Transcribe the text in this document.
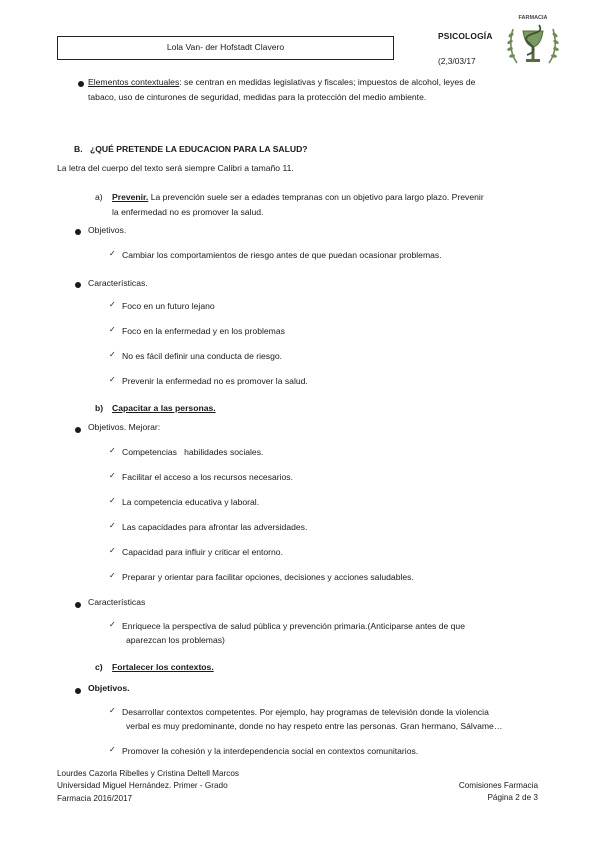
Lola Van- der Hofstadt Clavero
PSICOLOGÍA
(2,3/03/17
FARMACIA
Elementos contextuales: se centran en medidas legislativas y fiscales; impuestos de alcohol, leyes de
tabaco, uso de cinturones de seguridad, medidas para la protección del medio ambiente.
B. ¿QUÉ PRETENDE LA EDUCACION PARA LA SALUD?
La letra del cuerpo del texto será siempre Calibri a tamaño 11.
a) Prevenir. La prevención suele ser a edades tempranas con un objetivo para largo plazo. Prevenir
la enfermedad no es promover la salud.
Objetivos.
✓ Cambiar los comportamientos de riesgo antes de que puedan ocasionar problemas.
Características.
✓ Foco en un futuro lejano
✓ Foco en la enfermedad y en los problemas
✓ No es fácil definir una conducta de riesgo.
✓ Prevenir la enfermedad no es promover la salud.
b) Capacitar a las personas.
Objetivos. Mejorar:
✓ Competencias   habilidades sociales.
✓ Facilitar el acceso a los recursos necesarios.
✓ La competencia educativa y laboral.
✓ Las capacidades para afrontar las adversidades.
✓ Capacidad para influir y criticar el entorno.
✓ Preparar y orientar para facilitar opciones, decisiones y acciones saludables.
Características
✓ Enriquece la perspectiva de salud pública y prevención primaria.(Anticiparse antes de que
aparezcan los problemas)
c) Fortalecer los contextos.
Objetivos.
✓ Desarrollar contextos competentes. Por ejemplo, hay programas de televisión donde la violencia
verbal es muy predominante, donde no hay respeto entre las personas. Gran hermano, Sálvame…
✓ Promover la cohesión y la interdependencia social en contextos comunitarios.
Lourdes Cazorla Ribelles y Cristina Deltell Marcos
Universidad Miguel Hernández. Primer - Grado
Farmacia 2016/2017
Comisiones Farmacia
Página 2 de 3
